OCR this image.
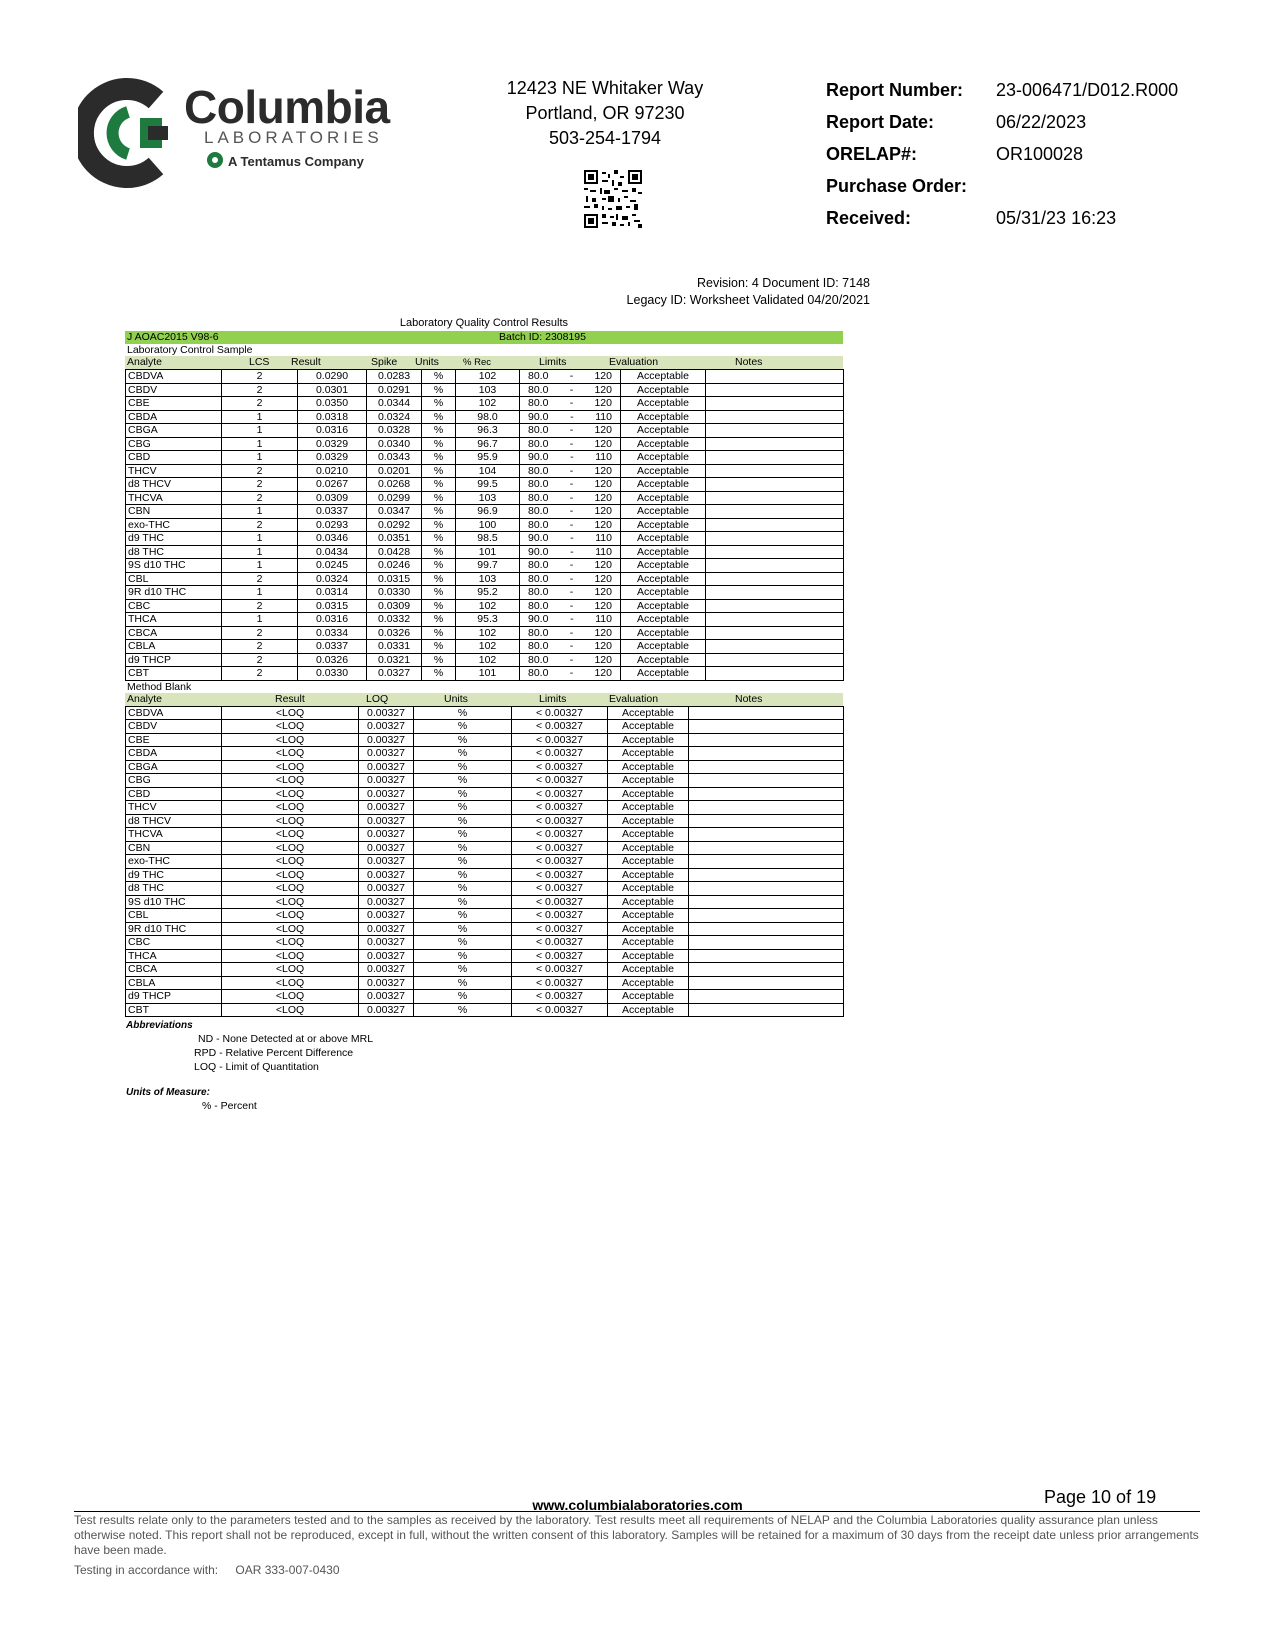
Columbia
LABORATORIES
A Tentamus Company
12423 NE Whitaker Way
Portland, OR 97230
503-254-1794
Report Number:	23-006471/D012.R000
Report Date:	06/22/2023
ORELAP#:	OR100028
Purchase Order:
Received:	05/31/23 16:23
Revision: 4 Document ID: 7148
Legacy ID: Worksheet Validated 04/20/2021
Laboratory Quality Control Results
J AOAC2015 V98-6	Batch ID: 2308195
Laboratory Control Sample
Analyte	LCS Result	Spike Units	% Rec	Limits	Evaluation	Notes
CBDVA	2	0.0290	0.0283	%	102	80.0 - 120	Acceptable	
CBDV	2	0.0301	0.0291	%	103	80.0 - 120	Acceptable	
CBE	2	0.0350	0.0344	%	102	80.0 - 120	Acceptable	
CBDA	1	0.0318	0.0324	%	98.0	90.0 - 110	Acceptable	
CBGA	1	0.0316	0.0328	%	96.3	80.0 - 120	Acceptable	
CBG	1	0.0329	0.0340	%	96.7	80.0 - 120	Acceptable	
CBD	1	0.0329	0.0343	%	95.9	90.0 - 110	Acceptable	
THCV	2	0.0210	0.0201	%	104	80.0 - 120	Acceptable	
d8 THCV	2	0.0267	0.0268	%	99.5	80.0 - 120	Acceptable	
THCVA	2	0.0309	0.0299	%	103	80.0 - 120	Acceptable	
CBN	1	0.0337	0.0347	%	96.9	80.0 - 120	Acceptable	
exo-THC	2	0.0293	0.0292	%	100	80.0 - 120	Acceptable	
d9 THC	1	0.0346	0.0351	%	98.5	90.0 - 110	Acceptable	
d8 THC	1	0.0434	0.0428	%	101	90.0 - 110	Acceptable	
9S d10 THC	1	0.0245	0.0246	%	99.7	80.0 - 120	Acceptable	
CBL	2	0.0324	0.0315	%	103	80.0 - 120	Acceptable	
9R d10 THC	1	0.0314	0.0330	%	95.2	80.0 - 120	Acceptable	
CBC	2	0.0315	0.0309	%	102	80.0 - 120	Acceptable	
THCA	1	0.0316	0.0332	%	95.3	90.0 - 110	Acceptable	
CBCA	2	0.0334	0.0326	%	102	80.0 - 120	Acceptable	
CBLA	2	0.0337	0.0331	%	102	80.0 - 120	Acceptable	
d9 THCP	2	0.0326	0.0321	%	102	80.0 - 120	Acceptable	
CBT	2	0.0330	0.0327	%	101	80.0 - 120	Acceptable	
Method Blank
Analyte	Result	LOQ	Units	Limits	Evaluation	Notes
CBDVA	<LOQ	0.00327	%	< 0.00327	Acceptable	
CBDV	<LOQ	0.00327	%	< 0.00327	Acceptable	
CBE	<LOQ	0.00327	%	< 0.00327	Acceptable	
CBDA	<LOQ	0.00327	%	< 0.00327	Acceptable	
CBGA	<LOQ	0.00327	%	< 0.00327	Acceptable	
CBG	<LOQ	0.00327	%	< 0.00327	Acceptable	
CBD	<LOQ	0.00327	%	< 0.00327	Acceptable	
THCV	<LOQ	0.00327	%	< 0.00327	Acceptable	
d8 THCV	<LOQ	0.00327	%	< 0.00327	Acceptable	
THCVA	<LOQ	0.00327	%	< 0.00327	Acceptable	
CBN	<LOQ	0.00327	%	< 0.00327	Acceptable	
exo-THC	<LOQ	0.00327	%	< 0.00327	Acceptable	
d9 THC	<LOQ	0.00327	%	< 0.00327	Acceptable	
d8 THC	<LOQ	0.00327	%	< 0.00327	Acceptable	
9S d10 THC	<LOQ	0.00327	%	< 0.00327	Acceptable	
CBL	<LOQ	0.00327	%	< 0.00327	Acceptable	
9R d10 THC	<LOQ	0.00327	%	< 0.00327	Acceptable	
CBC	<LOQ	0.00327	%	< 0.00327	Acceptable	
THCA	<LOQ	0.00327	%	< 0.00327	Acceptable	
CBCA	<LOQ	0.00327	%	< 0.00327	Acceptable	
CBLA	<LOQ	0.00327	%	< 0.00327	Acceptable	
d9 THCP	<LOQ	0.00327	%	< 0.00327	Acceptable	
CBT	<LOQ	0.00327	%	< 0.00327	Acceptable	
Abbreviations
ND - None Detected at or above MRL
RPD - Relative Percent Difference
LOQ - Limit of Quantitation
Units of Measure:
% - Percent
Page 10 of 19
www.columbialaboratories.com
Test results relate only to the parameters tested and to the samples as received by the laboratory. Test results meet all requirements of NELAP and the Columbia Laboratories quality assurance plan unless otherwise noted. This report shall not be reproduced, except in full, without the written consent of this laboratory. Samples will be retained for a maximum of 30 days from the receipt date unless prior arrangements have been made.
Testing in accordance with: OAR 333-007-0430
